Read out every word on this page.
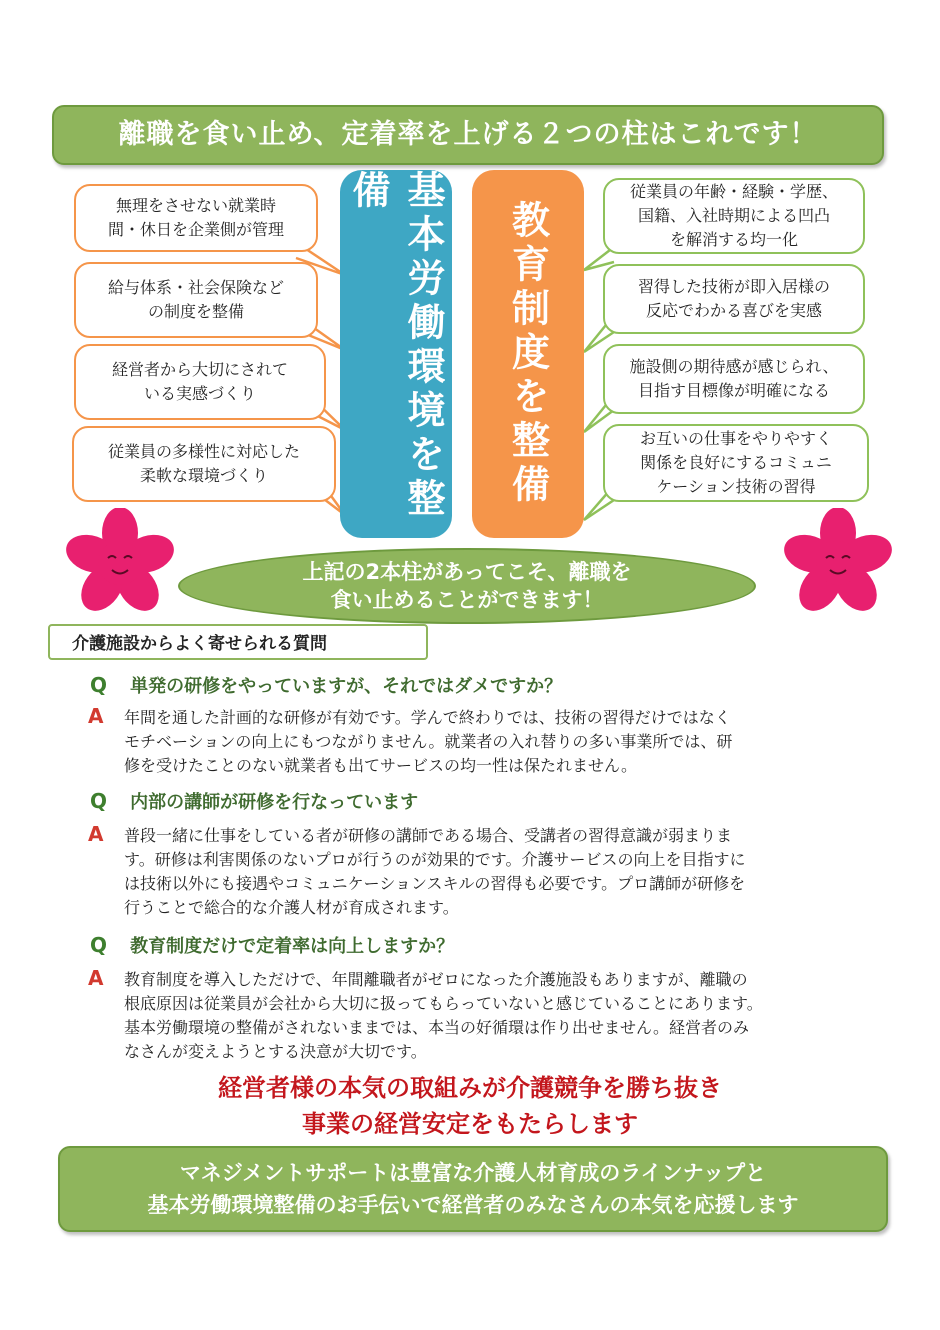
離職を食い止め、定着率を上げる２つの柱はこれです！
無理をさせない就業時
間・休日を企業側が管理
給与体系・社会保険など
の制度を整備
経営者から大切にされて
いる実感づくり
従業員の多様性に対応した
柔軟な環境づくり	基本労働環境を整備
教育制度を整備
従業員の年齢・経験・学歴、
国籍、入社時期による凹凸
を解消する均一化
習得した技術が即入居様の
反応でわかる喜びを実感
施設側の期待感が感じられ、
目指す目標像が明確になる
お互いの仕事をやりやすく
関係を良好にするコミュニ
ケーション技術の習得
上記の2本柱があってこそ、離職を
食い止めることができます！
介護施設からよく寄せられる質問
Q 単発の研修をやっていますが、それではダメですか？
A 年間を通した計画的な研修が有効です。学んで終わりでは、技術の習得だけではなく
モチベーションの向上にもつながりません。就業者の入れ替りの多い事業所では、研
修を受けたことのない就業者も出てサービスの均一性は保たれません。
Q 内部の講師が研修を行なっています
A 普段一緒に仕事をしている者が研修の講師である場合、受講者の習得意識が弱まりま
す。研修は利害関係のないプロが行うのが効果的です。介護サービスの向上を目指すに
は技術以外にも接遇やコミュニケーションスキルの習得も必要です。プロ講師が研修を
行うことで総合的な介護人材が育成されます。
Q 教育制度だけで定着率は向上しますか？
A 教育制度を導入しただけで、年間離職者がゼロになった介護施設もありますが、離職の
根底原因は従業員が会社から大切に扱ってもらっていないと感じていることにあります。
基本労働環境の整備がされないままでは、本当の好循環は作り出せません。経営者のみ
なさんが変えようとする決意が大切です。
経営者様の本気の取組みが介護競争を勝ち抜き
事業の経営安定をもたらします
マネジメントサポートは豊富な介護人材育成のラインナップと
基本労働環境整備のお手伝いで経営者のみなさんの本気を応援します
